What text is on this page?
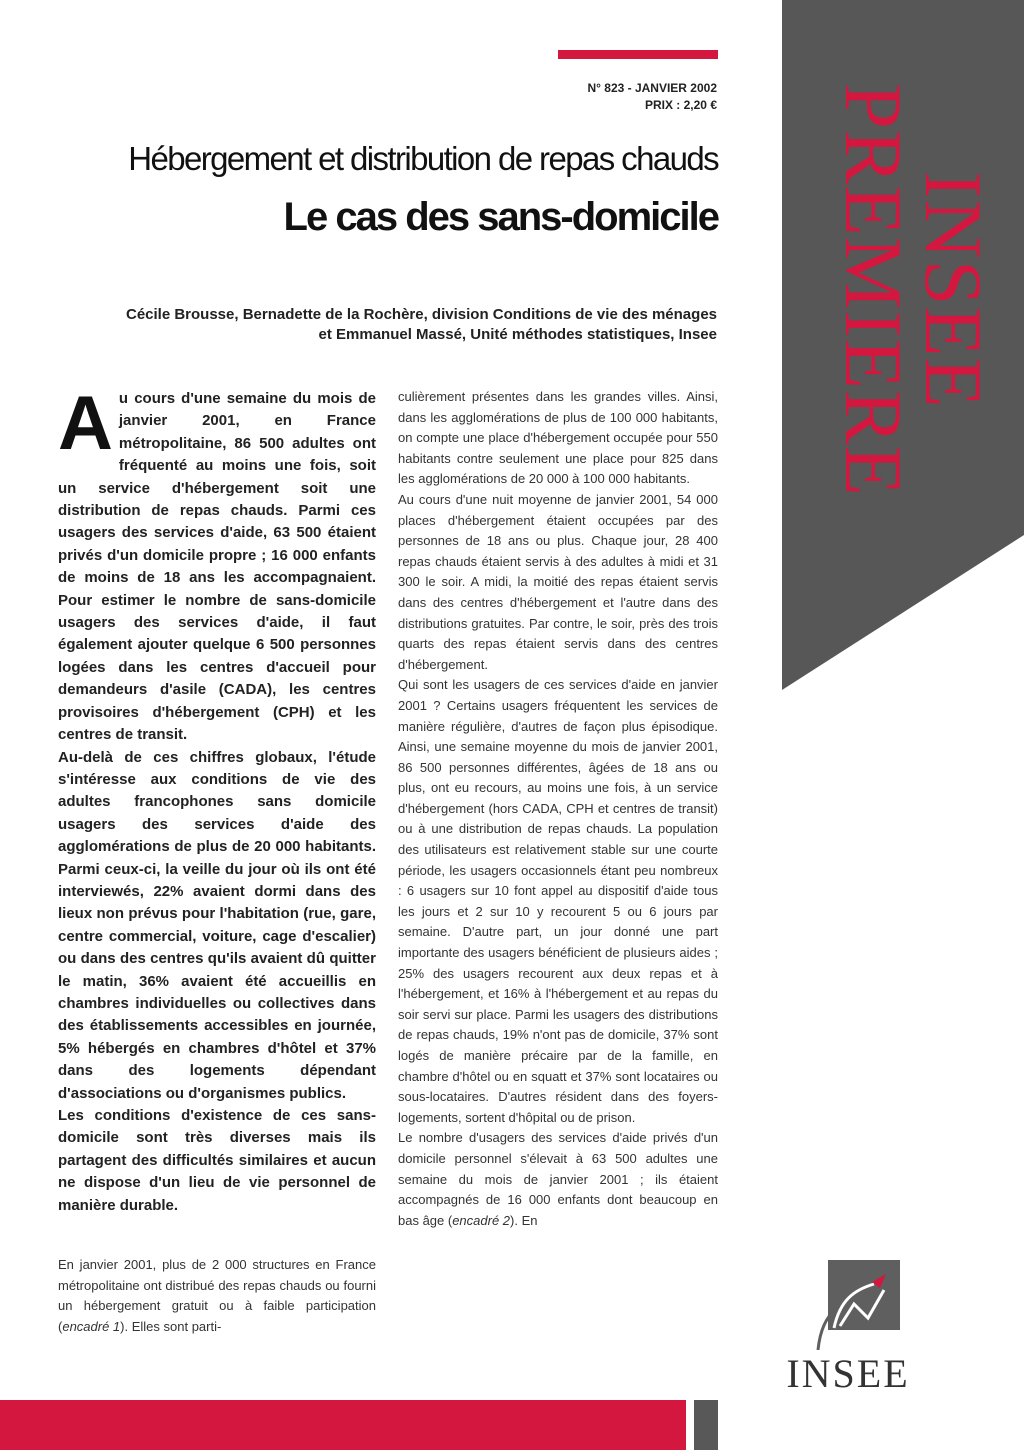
N° 823 - JANVIER 2002
PRIX : 2,20 €
Hébergement et distribution de repas chauds
Le cas des sans-domicile
Cécile Brousse, Bernadette de la Rochère, division Conditions de vie des ménages
et Emmanuel Massé, Unité méthodes statistiques, Insee INSEE
PREMIERE

Au cours d'une semaine du mois de janvier 2001, en France métropolitaine, 86 500 adultes ont fréquenté au moins une fois, soit un service d'hébergement soit une distribution de repas chauds. Parmi ces usagers des services d'aide, 63 500 étaient privés d'un domicile propre ; 16 000 enfants de moins de 18 ans les accompagnaient. Pour estimer le nombre de sans-domicile usagers des services d'aide, il faut également ajouter quelque 6 500 personnes logées dans les centres d'accueil pour demandeurs d'asile (CADA), les centres provisoires d'hébergement (CPH) et les centres de transit.

Au-delà de ces chiffres globaux, l'étude s'intéresse aux conditions de vie des adultes francophones sans domicile usagers des services d'aide des agglomérations de plus de 20 000 habitants. Parmi ceux-ci, la veille du jour où ils ont été interviewés, 22% avaient dormi dans des lieux non prévus pour l'habitation (rue, gare, centre commercial, voiture, cage d'escalier) ou dans des centres qu'ils avaient dû quitter le matin, 36% avaient été accueillis en chambres individuelles ou collectives dans des établissements accessibles en journée, 5% hébergés en chambres d'hôtel et 37% dans des logements dépendant d'associations ou d'organismes publics.

Les conditions d'existence de ces sans-domicile sont très diverses mais ils partagent des difficultés similaires et aucun ne dispose d'un lieu de vie personnel de manière durable.

En janvier 2001, plus de 2 000 structures en France métropolitaine ont distribué des repas chauds ou fourni un hébergement gratuit ou à faible participation (encadré 1). Elles sont parti-

culièrement présentes dans les grandes villes. Ainsi, dans les agglomérations de plus de 100 000 habitants, on compte une place d'hébergement occupée pour 550 habitants contre seulement une place pour 825 dans les agglomérations de 20 000 à 100 000 habitants.

Au cours d'une nuit moyenne de janvier 2001, 54 000 places d'hébergement étaient occupées par des personnes de 18 ans ou plus. Chaque jour, 28 400 repas chauds étaient servis à des adultes à midi et 31 300 le soir. A midi, la moitié des repas étaient servis dans des centres d'hébergement et l'autre dans des distributions gratuites. Par contre, le soir, près des trois quarts des repas étaient servis dans des centres d'hébergement.

Qui sont les usagers de ces services d'aide en janvier 2001 ? Certains usagers fréquentent les services de manière régulière, d'autres de façon plus épisodique. Ainsi, une semaine moyenne du mois de janvier 2001, 86 500 personnes différentes, âgées de 18 ans ou plus, ont eu recours, au moins une fois, à un service d'hébergement (hors CADA, CPH et centres de transit) ou à une distribution de repas chauds. La population des utilisateurs est relativement stable sur une courte période, les usagers occasionnels étant peu nombreux : 6 usagers sur 10 font appel au dispositif d'aide tous les jours et 2 sur 10 y recourent 5 ou 6 jours par semaine. D'autre part, un jour donné une part importante des usagers bénéficient de plusieurs aides ; 25% des usagers recourent aux deux repas et à l'hébergement, et 16% à l'hébergement et au repas du soir servi sur place. Parmi les usagers des distributions de repas chauds, 19% n'ont pas de domicile, 37% sont logés de manière précaire par de la famille, en chambre d'hôtel ou en squatt et 37% sont locataires ou sous-locataires. D'autres résident dans des foyers-logements, sortent d'hôpital ou de prison.

Le nombre d'usagers des services d'aide privés d'un domicile personnel s'élevait à 63 500 adultes une semaine du mois de janvier 2001 ; ils étaient accompagnés de 16 000 enfants dont beaucoup en bas âge (encadré 2). En

INSEE
